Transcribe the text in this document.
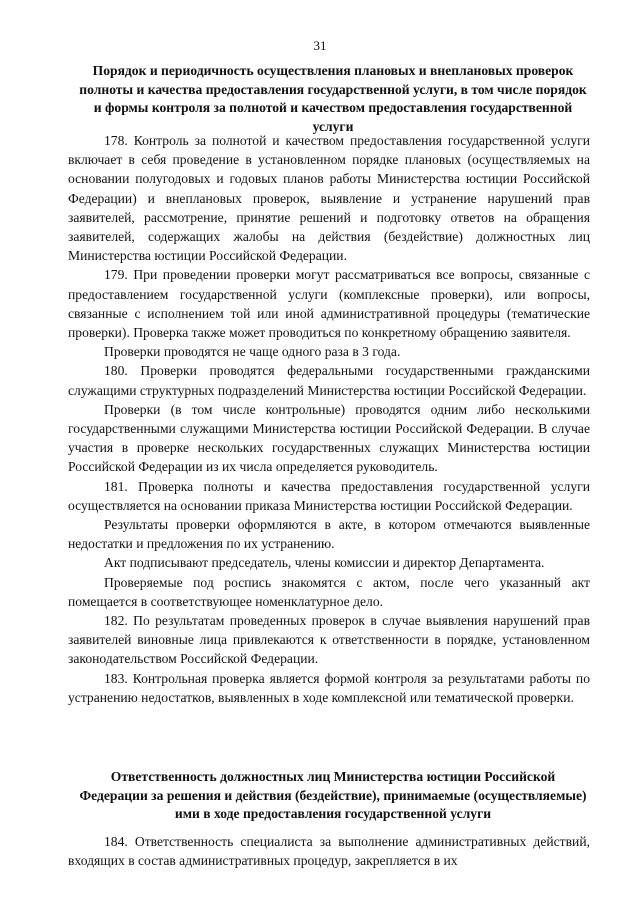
31
Порядок и периодичность осуществления плановых и внеплановых проверок полноты и качества предоставления государственной услуги, в том числе порядок и формы контроля за полнотой и качеством предоставления государственной услуги

178. Контроль за полнотой и качеством предоставления государственной услуги включает в себя проведение в установленном порядке плановых (осуществляемых на основании полугодовых и годовых планов работы Министерства юстиции Российской Федерации) и внеплановых проверок, выявление и устранение нарушений прав заявителей, рассмотрение, принятие решений и подготовку ответов на обращения заявителей, содержащих жалобы на действия (бездействие) должностных лиц Министерства юстиции Российской Федерации.

179. При проведении проверки могут рассматриваться все вопросы, связанные с предоставлением государственной услуги (комплексные проверки), или вопросы, связанные с исполнением той или иной административной процедуры (тематические проверки). Проверка также может проводиться по конкретному обращению заявителя.

Проверки проводятся не чаще одного раза в 3 года.

180. Проверки проводятся федеральными государственными гражданскими служащими структурных подразделений Министерства юстиции Российской Федерации.

Проверки (в том числе контрольные) проводятся одним либо несколькими государственными служащими Министерства юстиции Российской Федерации. В случае участия в проверке нескольких государственных служащих Министерства юстиции Российской Федерации из их числа определяется руководитель.

181. Проверка полноты и качества предоставления государственной услуги осуществляется на основании приказа Министерства юстиции Российской Федерации.

Результаты проверки оформляются в акте, в котором отмечаются выявленные недостатки и предложения по их устранению.

Акт подписывают председатель, члены комиссии и директор Департамента.

Проверяемые под роспись знакомятся с актом, после чего указанный акт помещается в соответствующее номенклатурное дело.

182. По результатам проведенных проверок в случае выявления нарушений прав заявителей виновные лица привлекаются к ответственности в порядке, установленном законодательством Российской Федерации.

183. Контрольная проверка является формой контроля за результатами работы по устранению недостатков, выявленных в ходе комплексной или тематической проверки.

Ответственность должностных лиц Министерства юстиции Российской Федерации за решения и действия (бездействие), принимаемые (осуществляемые) ими в ходе предоставления государственной услуги

184. Ответственность специалиста за выполнение административных действий, входящих в состав административных процедур, закрепляется в их
